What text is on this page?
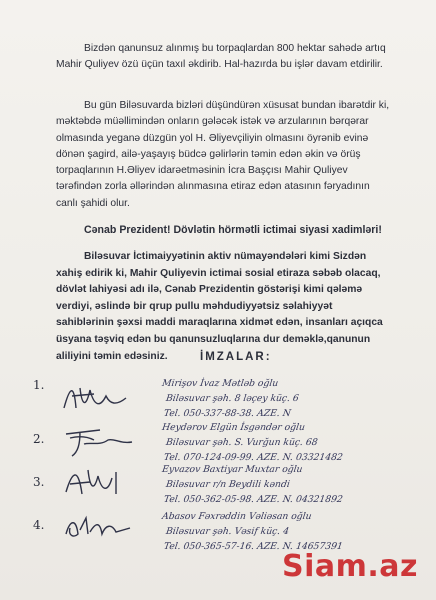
Bizdən qanunsuz alınmış bu torpaqlardan 800 hektar sahədə artıq Mahir Quliyev özü üçün taxıl əkdirib. Hal-hazırda bu işlər davam etdirilir.
Bu gün Biləsuvarda bizləri düşündürən xüsusat bundan ibarətdir ki, məktəbdə müəllimindən onların gələcək istək və arzularının bərqərar olmasında yeganə düzgün yol H. Əliyevçiliyin olmasını öyrənib evinə dönən şagird, ailə-yaşayış büdcə gəlirlərin təmin edən əkin və örüş torpaqlarının H.Əliyev idarəetməsinin İcra Başçısı Mahir Quliyev tərəfindən zorla əllərindən alınmasına etiraz edən atasının fəryadının canlı şahidi olur.
Cənab Prezident! Dövlətin hörmətli ictimai siyasi xadimləri!
Biləsuvar İctimaiyyətinin aktiv nümayəndələri kimi Sizdən xahiş edirik ki, Mahir Quliyevin ictimai sosial etiraza səbəb olacaq, dövlət lahiyəsi adı ilə, Cənab Prezidentin göstərişi kimi qələmə verdiyi, əslində bir qrup pullu məhdudiyyətsiz səlahiyyət sahiblərinin şəxsi maddi maraqlarına xidmət edən, insanları açıqca üsyana təşviq edən bu qanunsuzluqlarına dur deməklə,qanunun aliliyini təmin edəsiniz.	İMZALAR:
1.	Mirişov İvaz Mətləb oğlu
Biləsuvar şəh. 8 ləçey küç. 6
Tel. 050-337-88-38. AZE. N
2.
Heydərov Elgün İsgəndər oğlu
Biləsuvar şəh. S. Vurğun küç. 68
Tel. 070-124-09-99. AZE. N. 03321482
3.
Eyvazov Baxtiyar Muxtar oğlu
Biləsuvar r/n Beydili kəndi
Tel. 050-362-05-98. AZE. N. 04321892
4.
Abasov Fəxrəddin Vəliəsan oğlu
Biləsuvar şəh. Vəsif küç. 4
Tel. 050-365-57-16. AZE. N. 14657391
Siam.az
